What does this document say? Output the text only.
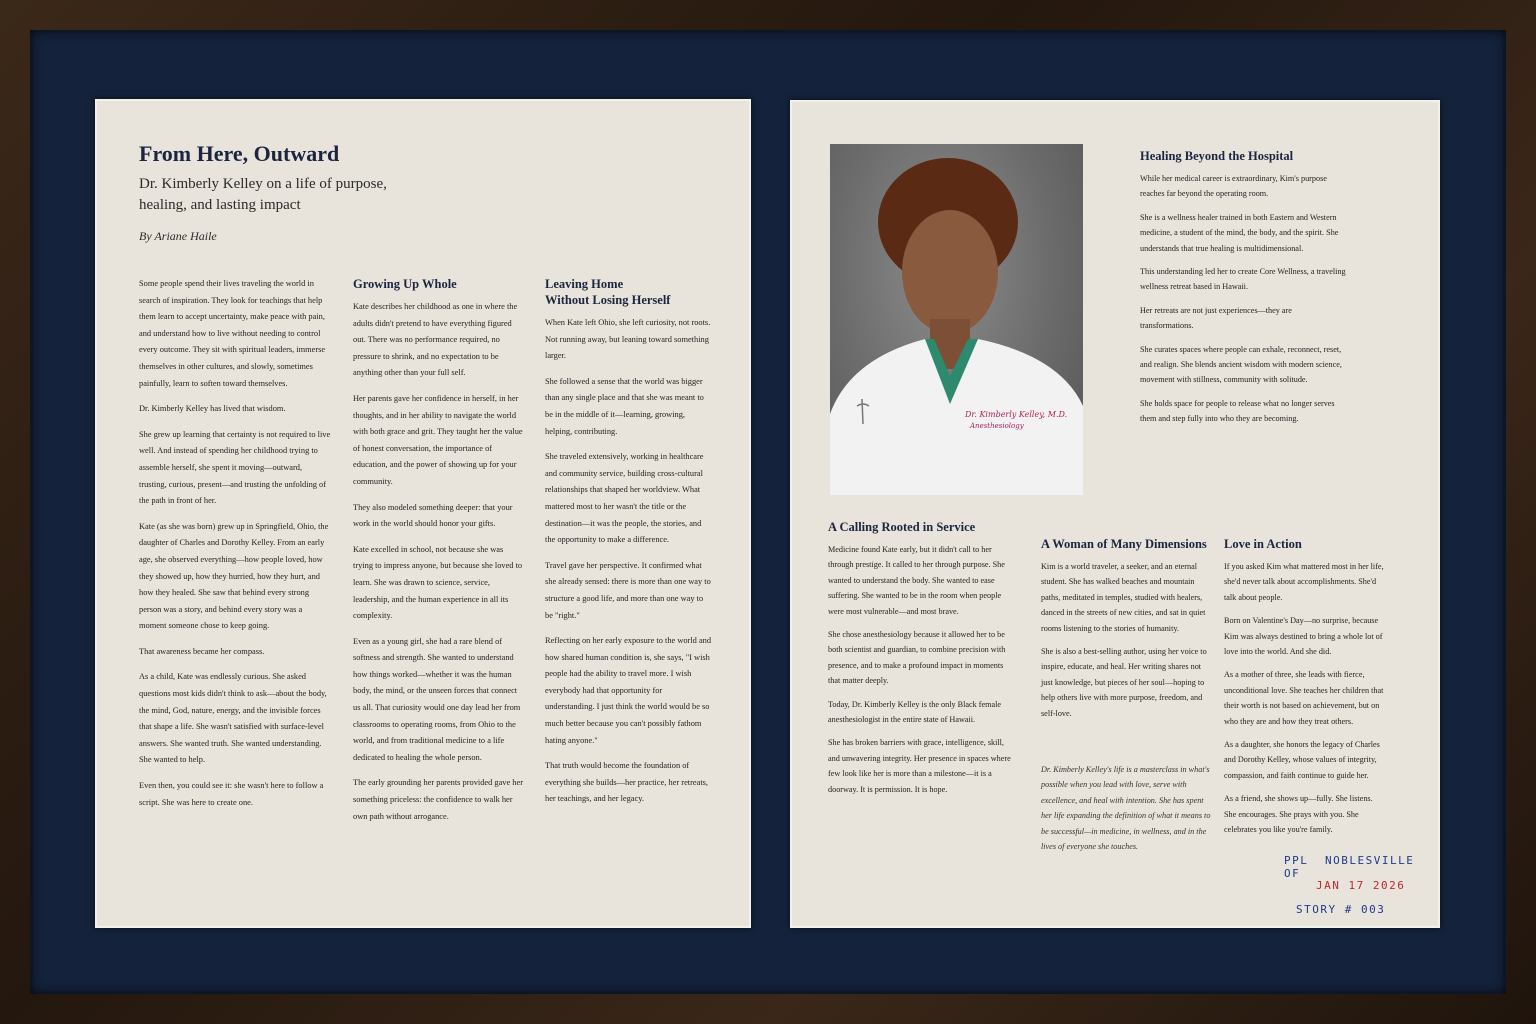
From Here, Outward
Dr. Kimberly Kelley on a life of purpose,
healing, and lasting impact
By Ariane Haile

Some people spend their lives traveling the world in search of inspiration. They look for teachings that help them learn to accept uncertainty, make peace with pain, and understand how to live without needing to control every outcome. They sit with spiritual leaders, immerse themselves in other cultures, and slowly, sometimes painfully, learn to soften toward themselves.

Dr. Kimberly Kelley has lived that wisdom.

She grew up learning that certainty is not required to live well. And instead of spending her childhood trying to assemble herself, she spent it moving—outward, trusting, curious, present—and trusting the unfolding of the path in front of her.

Kate (as she was born) grew up in Springfield, Ohio, the daughter of Charles and Dorothy Kelley. From an early age, she observed everything—how people loved, how they showed up, how they hurried, how they hurt, and how they healed. She saw that behind every strong person was a story, and behind every story was a moment someone chose to keep going.

That awareness became her compass.

As a child, Kate was endlessly curious. She asked questions most kids didn't think to ask—about the body, the mind, God, nature, energy, and the invisible forces that shape a life. She wasn't satisfied with surface-level answers. She wanted truth. She wanted understanding. She wanted to help.

Even then, you could see it: she wasn't here to follow a script. She was here to create one.

Growing Up Whole

Kate describes her childhood as one in where the adults didn't pretend to have everything figured out. There was no performance required, no pressure to shrink, and no expectation to be anything other than your full self.

Her parents gave her confidence in herself, in her thoughts, and in her ability to navigate the world with both grace and grit. They taught her the value of honest conversation, the importance of education, and the power of showing up for your community.

They also modeled something deeper: that your work in the world should honor your gifts.

Kate excelled in school, not because she was trying to impress anyone, but because she loved to learn. She was drawn to science, service, leadership, and the human experience in all its complexity.

Even as a young girl, she had a rare blend of softness and strength. She wanted to understand how things worked—whether it was the human body, the mind, or the unseen forces that connect us all. That curiosity would one day lead her from classrooms to operating rooms, from Ohio to the world, and from traditional medicine to a life dedicated to healing the whole person.

The early grounding her parents provided gave her something priceless: the confidence to walk her own path without arrogance.

Leaving Home
Without Losing Herself

When Kate left Ohio, she left curiosity, not roots. Not running away, but leaning toward something larger.

She followed a sense that the world was bigger than any single place and that she was meant to be in the middle of it—learning, growing, helping, contributing.

She traveled extensively, working in healthcare and community service, building cross-cultural relationships that shaped her worldview. What mattered most to her wasn't the title or the destination—it was the people, the stories, and the opportunity to make a difference.

Travel gave her perspective. It confirmed what she already sensed: there is more than one way to structure a good life, and more than one way to be "right."

Reflecting on her early exposure to the world and how shared human condition is, she says, "I wish people had the ability to travel more. I wish everybody had that opportunity for understanding. I just think the world would be so much better because you can't possibly fathom hating anyone."

That truth would become the foundation of everything she builds—her practice, her retreats, her teachings, and her legacy.

Dr. Kimberly Kelley, M.D.
Anesthesiology
Healing Beyond the Hospital

While her medical career is extraordinary, Kim's purpose reaches far beyond the operating room.

She is a wellness healer trained in both Eastern and Western medicine, a student of the mind, the body, and the spirit. She understands that true healing is multidimensional.

This understanding led her to create Core Wellness, a traveling wellness retreat based in Hawaii.

Her retreats are not just experiences—they are transformations.

She curates spaces where people can exhale, reconnect, reset, and realign. She blends ancient wisdom with modern science, movement with stillness, community with solitude.

She holds space for people to release what no longer serves them and step fully into who they are becoming.

A Calling Rooted in Service

Medicine found Kate early, but it didn't call to her through prestige. It called to her through purpose. She wanted to understand the body. She wanted to ease suffering. She wanted to be in the room when people were most vulnerable—and most brave.

She chose anesthesiology because it allowed her to be both scientist and guardian, to combine precision with presence, and to make a profound impact in moments that matter deeply.

Today, Dr. Kimberly Kelley is the only Black female anesthesiologist in the entire state of Hawaii.

She has broken barriers with grace, intelligence, skill, and unwavering integrity. Her presence in spaces where few look like her is more than a milestone—it is a doorway. It is permission. It is hope.

A Woman of Many Dimensions

Kim is a world traveler, a seeker, and an eternal student. She has walked beaches and mountain paths, meditated in temples, studied with healers, danced in the streets of new cities, and sat in quiet rooms listening to the stories of humanity.

She is also a best-selling author, using her voice to inspire, educate, and heal. Her writing shares not just knowledge, but pieces of her soul—hoping to help others live with more purpose, freedom, and self-love.

Dr. Kimberly Kelley's life is a masterclass in what's possible when you lead with love, serve with excellence, and heal with intention. She has spent her life expanding the definition of what it means to be successful—in medicine, in wellness, and in the lives of everyone she touches.

Love in Action

If you asked Kim what mattered most in her life, she'd never talk about accomplishments. She'd talk about people.

Born on Valentine's Day—no surprise, because Kim was always destined to bring a whole lot of love into the world. And she did.

As a mother of three, she leads with fierce, unconditional love. She teaches her children that their worth is not based on achievement, but on who they are and how they treat others.

As a daughter, she honors the legacy of Charles and Dorothy Kelley, whose values of integrity, compassion, and faith continue to guide her.

As a friend, she shows up—fully. She listens. She encourages. She prays with you. She celebrates you like you're family.

PPL NOBLESVILLE
OF
JAN 17 2026
STORY # 003
